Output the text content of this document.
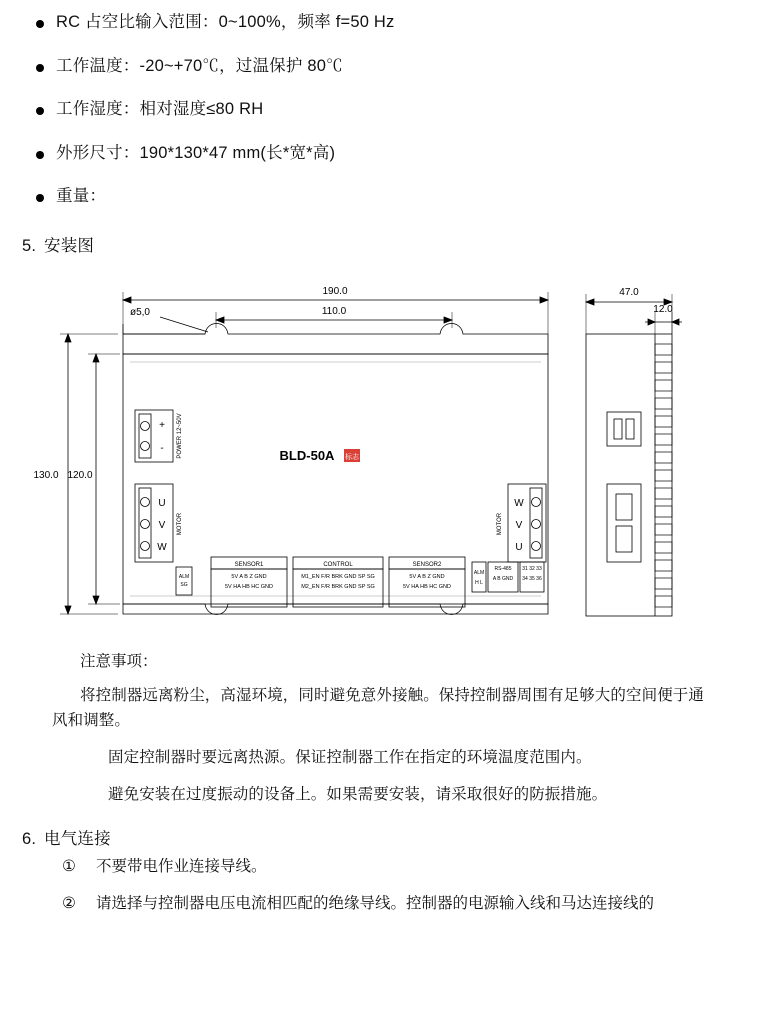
RC 占空比输入范围：0~100%，频率 f=50 Hz
工作温度：-20~+70℃，过温保护 80℃
工作湿度：相对湿度≤80 RH
外形尺寸：190*130*47 mm(长*宽*高)
重量：
5. 安装图
190.0
110.0
ø5,0
130.0 120.0
47.0
12.0
BLD-50A 标志
+
- POWER 12~50V
U
V
W
MOTOR
W
V
U
MOTOR
SENSOR1
5V A B Z GND
5V HA HB HC GND
CONTROL
M1_EN F/R BRK GND SP SG
M2_EN F/R BRK GND SP SG
SENSOR2
5V A B Z GND
5V HA HB HC GND
ALM
SG
ALM
H L
RS-485
A B GND
31 32 33
34 35 36
注意事项：

将控制器远离粉尘，高湿环境，同时避免意外接触。保持控制器周围有足够大的空间便于通风和调整。

固定控制器时要远离热源。保证控制器工作在指定的环境温度范围内。

避免安装在过度振动的设备上。如果需要安装，请采取很好的防振措施。

6. 电气连接
① 不要带电作业连接导线。
② 请选择与控制器电压电流相匹配的绝缘导线。控制器的电源输入线和马达连接线的
